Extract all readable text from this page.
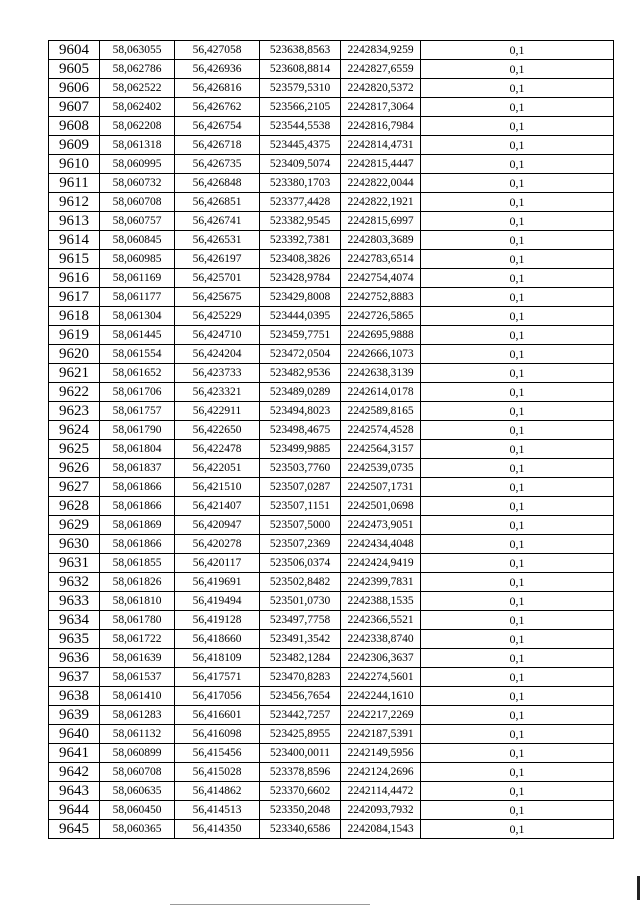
9604	58,063055	56,427058	523638,8563	2242834,9259	0,1
9605	58,062786	56,426936	523608,8814	2242827,6559	0,1
9606	58,062522	56,426816	523579,5310	2242820,5372	0,1
9607	58,062402	56,426762	523566,2105	2242817,3064	0,1
9608	58,062208	56,426754	523544,5538	2242816,7984	0,1
9609	58,061318	56,426718	523445,4375	2242814,4731	0,1
9610	58,060995	56,426735	523409,5074	2242815,4447	0,1
9611	58,060732	56,426848	523380,1703	2242822,0044	0,1
9612	58,060708	56,426851	523377,4428	2242822,1921	0,1
9613	58,060757	56,426741	523382,9545	2242815,6997	0,1
9614	58,060845	56,426531	523392,7381	2242803,3689	0,1
9615	58,060985	56,426197	523408,3826	2242783,6514	0,1
9616	58,061169	56,425701	523428,9784	2242754,4074	0,1
9617	58,061177	56,425675	523429,8008	2242752,8883	0,1
9618	58,061304	56,425229	523444,0395	2242726,5865	0,1
9619	58,061445	56,424710	523459,7751	2242695,9888	0,1
9620	58,061554	56,424204	523472,0504	2242666,1073	0,1
9621	58,061652	56,423733	523482,9536	2242638,3139	0,1
9622	58,061706	56,423321	523489,0289	2242614,0178	0,1
9623	58,061757	56,422911	523494,8023	2242589,8165	0,1
9624	58,061790	56,422650	523498,4675	2242574,4528	0,1
9625	58,061804	56,422478	523499,9885	2242564,3157	0,1
9626	58,061837	56,422051	523503,7760	2242539,0735	0,1
9627	58,061866	56,421510	523507,0287	2242507,1731	0,1
9628	58,061866	56,421407	523507,1151	2242501,0698	0,1
9629	58,061869	56,420947	523507,5000	2242473,9051	0,1
9630	58,061866	56,420278	523507,2369	2242434,4048	0,1
9631	58,061855	56,420117	523506,0374	2242424,9419	0,1
9632	58,061826	56,419691	523502,8482	2242399,7831	0,1
9633	58,061810	56,419494	523501,0730	2242388,1535	0,1
9634	58,061780	56,419128	523497,7758	2242366,5521	0,1
9635	58,061722	56,418660	523491,3542	2242338,8740	0,1
9636	58,061639	56,418109	523482,1284	2242306,3637	0,1
9637	58,061537	56,417571	523470,8283	2242274,5601	0,1
9638	58,061410	56,417056	523456,7654	2242244,1610	0,1
9639	58,061283	56,416601	523442,7257	2242217,2269	0,1
9640	58,061132	56,416098	523425,8955	2242187,5391	0,1
9641	58,060899	56,415456	523400,0011	2242149,5956	0,1
9642	58,060708	56,415028	523378,8596	2242124,2696	0,1
9643	58,060635	56,414862	523370,6602	2242114,4472	0,1
9644	58,060450	56,414513	523350,2048	2242093,7932	0,1
9645	58,060365	56,414350	523340,6586	2242084,1543	0,1
